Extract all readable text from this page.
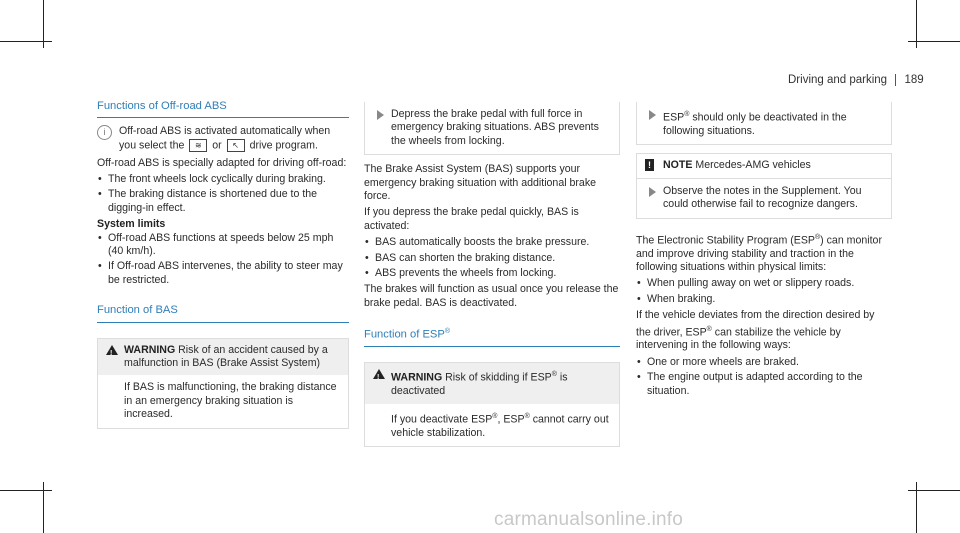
Driving and parking 189
Functions of Off-road ABS
i	Off-road ABS is activated automatically when you select the ≋ or ↖ drive program.

Off-road ABS is specially adapted for driving off-road:

• The front wheels lock cyclically during braking.
• The braking distance is shortened due to the digging-in effect.
System limits
• Off-road ABS functions at speeds below 25 mph (40 km/h).
• If Off-road ABS intervenes, the ability to steer may be restricted.
Function of BAS
! WARNING Risk of an accident caused by a malfunction in BAS (Brake Assist System)
If BAS is malfunctioning, the braking distance in an emergency braking situation is increased.
Depress the brake pedal with full force in emergency braking situations. ABS prevents the wheels from locking.

The Brake Assist System (BAS) supports your emergency braking situation with additional brake force.

If you depress the brake pedal quickly, BAS is activated:

• BAS automatically boosts the brake pressure.
• BAS can shorten the braking distance.
• ABS prevents the wheels from locking.

The brakes will function as usual once you release the brake pedal. BAS is deactivated.

Function of ESP®
! WARNING Risk of skidding if ESP® is deactivated
If you deactivate ESP®, ESP® cannot carry out vehicle stabilization.
ESP® should only be deactivated in the following situations.
! NOTE Mercedes-AMG vehicles
Observe the notes in the Supplement. You could otherwise fail to recognize dangers.

The Electronic Stability Program (ESP®) can monitor and improve driving stability and traction in the following situations within physical limits:

• When pulling away on wet or slippery roads.
• When braking.

If the vehicle deviates from the direction desired by the driver, ESP® can stabilize the vehicle by intervening in the following ways:

• One or more wheels are braked.
• The engine output is adapted according to the situation.
carmanualsonline.info
